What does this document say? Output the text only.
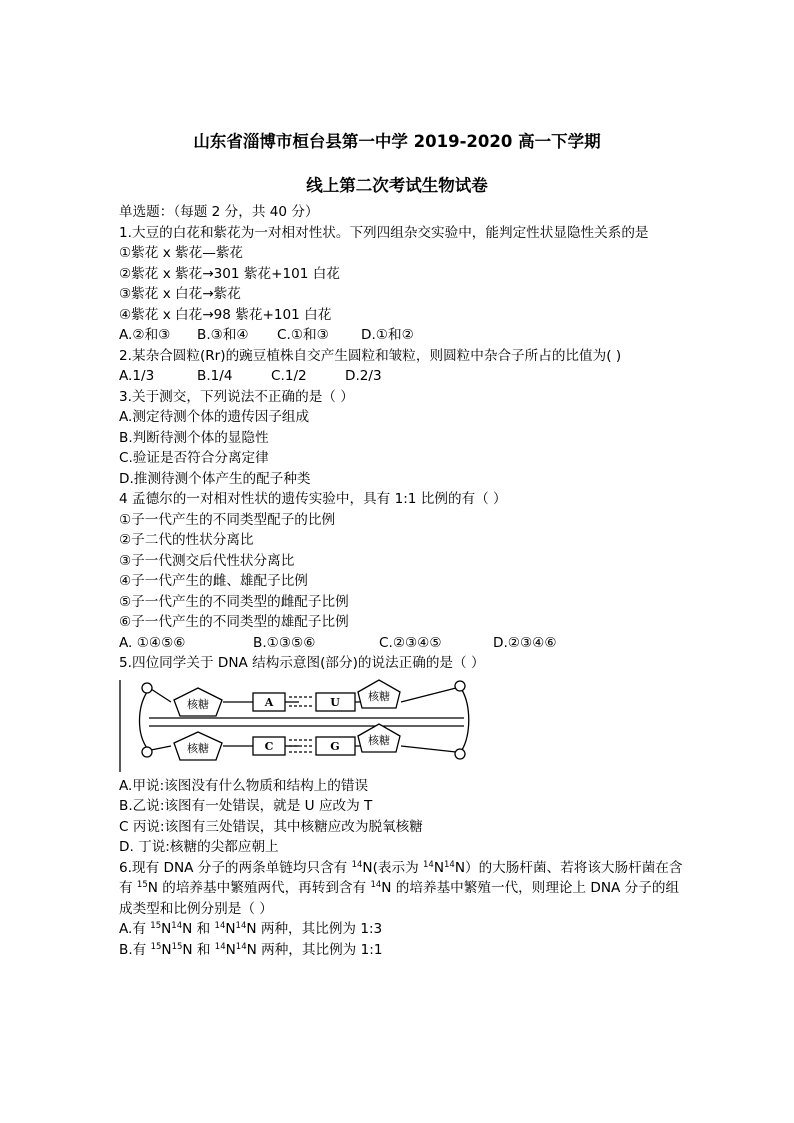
山东省淄博市桓台县第一中学 2019-2020 高一下学期
线上第二次考试生物试卷

单选题：（每题 2 分，共 40 分）

1.大豆的白花和紫花为一对相对性状。下列四组杂交实验中，能判定性状显隐性关系的是

①紫花 x 紫花—紫花

②紫花 x 紫花→301 紫花+101 白花

③紫花 x 白花→紫花

④紫花 x 白花→98 紫花+101 白花

A.②和③ B.③和④ C.①和③ D.①和②

2.某杂合圆粒(Rr)的豌豆植株自交产生圆粒和皱粒，则圆粒中杂合子所占的比值为( )

A.1/3	B.1/4	C.1/2	D.2/3

3.关于测交，下列说法不正确的是（ ）

A.测定待测个体的遗传因子组成

B.判断待测个体的显隐性

C.验证是否符合分离定律

D.推测待测个体产生的配子种类

4 孟德尔的一对相对性状的遗传实验中，具有 1:1 比例的有（ ）

①子一代产生的不同类型配子的比例

②子二代的性状分离比

③子一代测交后代性状分离比

④子一代产生的雌、雄配子比例

⑤子一代产生的不同类型的雌配子比例

⑥子一代产生的不同类型的雄配子比例

A. ①④⑤⑥	B.①③⑤⑥	C.②③④⑤	D.②③④⑥

5.四位同学关于 DNA 结构示意图(部分)的说法正确的是（ ）

核糖
核糖
核糖
核糖
A	U
C	G

A.甲说:该图没有什么物质和结构上的错误

B.乙说:该图有一处错误，就是 U 应改为 T

C 丙说:该图有三处错误，其中核糖应改为脱氧核糖

D. 丁说:核糖的尖都应朝上

6.现有 DNA 分子的两条单链均只含有 $^{14}$N(表示为 $^{14}N^{14}N$）的大肠杆菌、若将该大肠杆菌在含有 $^{15}$N 的培养基中繁殖两代，再转到含有 $^{14}$N 的培养基中繁殖一代，则理论上 DNA 分子的组成类型和比例分别是（ ）

A.有 $^{15}N^{14}N$ 和 $^{14}N^{14}N$ 两种，其比例为 1:3

B.有 $^{15}N^{15}N$ 和 $^{14}N^{14}N$ 两种，其比例为 1:1
